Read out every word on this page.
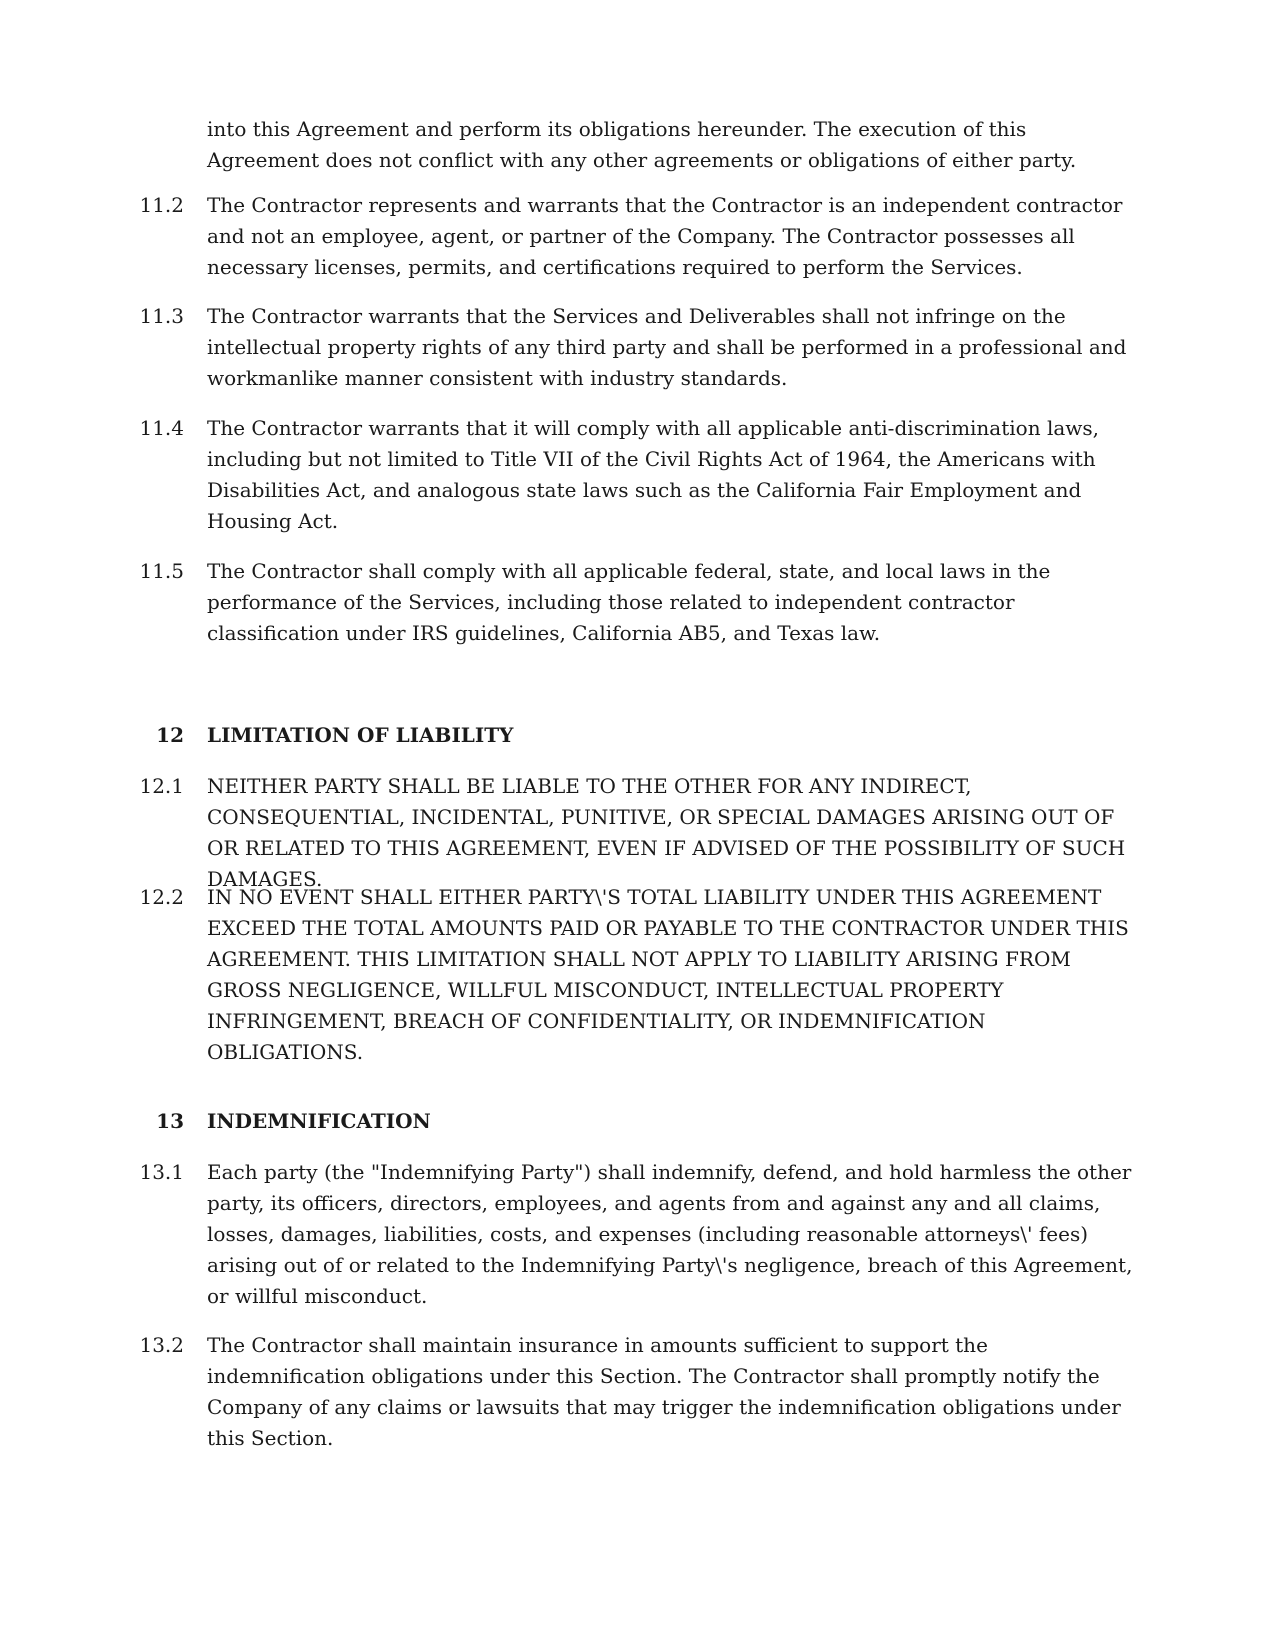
into this Agreement and perform its obligations hereunder. The execution of this Agreement does not conflict with any other agreements or obligations of either party.

11.2 The Contractor represents and warrants that the Contractor is an independent contractor and not an employee, agent, or partner of the Company. The Contractor possesses all necessary licenses, permits, and certifications required to perform the Services.

11.3 The Contractor warrants that the Services and Deliverables shall not infringe on the intellectual property rights of any third party and shall be performed in a professional and workmanlike manner consistent with industry standards.

11.4 The Contractor warrants that it will comply with all applicable anti-discrimination laws, including but not limited to Title VII of the Civil Rights Act of 1964, the Americans with Disabilities Act, and analogous state laws such as the California Fair Employment and Housing Act.

11.5 The Contractor shall comply with all applicable federal, state, and local laws in the performance of the Services, including those related to independent contractor classification under IRS guidelines, California AB5, and Texas law.

12 LIMITATION OF LIABILITY

12.1 NEITHER PARTY SHALL BE LIABLE TO THE OTHER FOR ANY INDIRECT, CONSEQUENTIAL, INCIDENTAL, PUNITIVE, OR SPECIAL DAMAGES ARISING OUT OF OR RELATED TO THIS AGREEMENT, EVEN IF ADVISED OF THE POSSIBILITY OF SUCH DAMAGES.

12.2 IN NO EVENT SHALL EITHER PARTY\'S TOTAL LIABILITY UNDER THIS AGREEMENT EXCEED THE TOTAL AMOUNTS PAID OR PAYABLE TO THE CONTRACTOR UNDER THIS AGREEMENT. THIS LIMITATION SHALL NOT APPLY TO LIABILITY ARISING FROM GROSS NEGLIGENCE, WILLFUL MISCONDUCT, INTELLECTUAL PROPERTY INFRINGEMENT, BREACH OF CONFIDENTIALITY, OR INDEMNIFICATION OBLIGATIONS.

13 INDEMNIFICATION

13.1 Each party (the "Indemnifying Party") shall indemnify, defend, and hold harmless the other party, its officers, directors, employees, and agents from and against any and all claims, losses, damages, liabilities, costs, and expenses (including reasonable attorneys\' fees) arising out of or related to the Indemnifying Party\'s negligence, breach of this Agreement, or willful misconduct.

13.2 The Contractor shall maintain insurance in amounts sufficient to support the indemnification obligations under this Section. The Contractor shall promptly notify the Company of any claims or lawsuits that may trigger the indemnification obligations under this Section.
